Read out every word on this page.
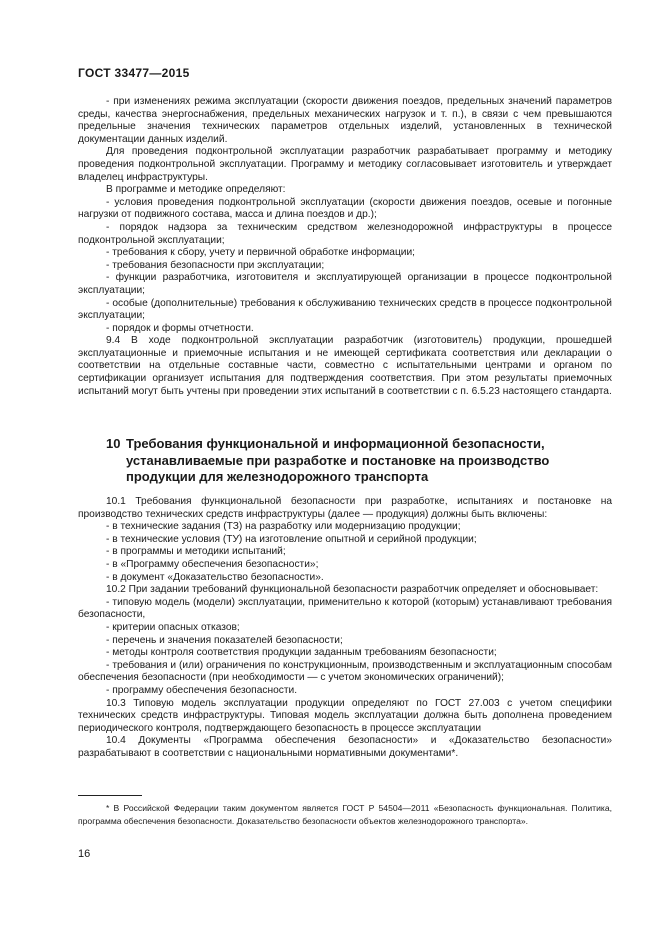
ГОСТ 33477—2015

- при изменениях режима эксплуатации (скорости движения поездов, предельных значений параметров среды, качества энергоснабжения, предельных механических нагрузок и т. п.), в связи с чем превышаются предельные значения технических параметров отдельных изделий, установленных в технической документации данных изделий.

Для проведения подконтрольной эксплуатации разработчик разрабатывает программу и методику проведения подконтрольной эксплуатации. Программу и методику согласовывает изготовитель и утверждает владелец инфраструктуры.

В программе и методике определяют:

- условия проведения подконтрольной эксплуатации (скорости движения поездов, осевые и погонные нагрузки от подвижного состава, масса и длина поездов и др.);

- порядок надзора за техническим средством железнодорожной инфраструктуры в процессе подконтрольной эксплуатации;

- требования к сбору, учету и первичной обработке информации;

- требования безопасности при эксплуатации;

- функции разработчика, изготовителя и эксплуатирующей организации в процессе подконтрольной эксплуатации;

- особые (дополнительные) требования к обслуживанию технических средств в процессе подконтрольной эксплуатации;

- порядок и формы отчетности.

9.4 В ходе подконтрольной эксплуатации разработчик (изготовитель) продукции, прошедшей эксплуатационные и приемочные испытания и не имеющей сертификата соответствия или декларации о соответствии на отдельные составные части, совместно с испытательными центрами и органом по сертификации организует испытания для подтверждения соответствия. При этом результаты приемочных испытаний могут быть учтены при проведении этих испытаний в соответствии с п. 6.5.23 настоящего стандарта.

10 Требования функциональной и информационной безопасности, устанавливаемые при разработке и постановке на производство продукции для железнодорожного транспорта

10.1 Требования функциональной безопасности при разработке, испытаниях и постановке на производство технических средств инфраструктуры (далее — продукция) должны быть включены:

- в технические задания (ТЗ) на разработку или модернизацию продукции;

- в технические условия (ТУ) на изготовление опытной и серийной продукции;

- в программы и методики испытаний;

- в «Программу обеспечения безопасности»;

- в документ «Доказательство безопасности».

10.2 При задании требований функциональной безопасности разработчик определяет и обосновывает:

- типовую модель (модели) эксплуатации, применительно к которой (которым) устанавливают требования безопасности,

- критерии опасных отказов;

- перечень и значения показателей безопасности;

- методы контроля соответствия продукции заданным требованиям безопасности;

- требования и (или) ограничения по конструкционным, производственным и эксплуатационным способам обеспечения безопасности (при необходимости — с учетом экономических ограничений);

- программу обеспечения безопасности.

10.3 Типовую модель эксплуатации продукции определяют по ГОСТ 27.003 с учетом специфики технических средств инфраструктуры. Типовая модель эксплуатации должна быть дополнена проведением периодического контроля, подтверждающего безопасность в процессе эксплуатации

10.4 Документы «Программа обеспечения безопасности» и «Доказательство безопасности» разрабатывают в соответствии с национальными нормативными документами*.

* В Российской Федерации таким документом является ГОСТ Р 54504—2011 «Безопасность функциональная. Политика, программа обеспечения безопасности. Доказательство безопасности объектов железнодорожного транспорта».

16
